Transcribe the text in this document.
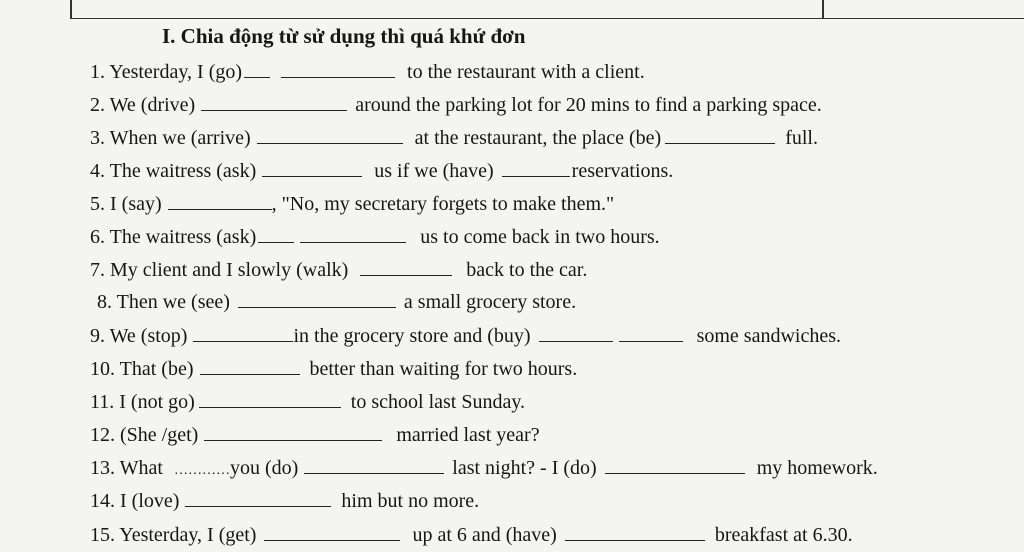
I. Chia động từ sử dụng thì quá khứ đơn
1. Yesterday, I (go)	to the restaurant with a client.
2. We (drive)	around the parking lot for 20 mins to find a parking space.
3. When we (arrive)	at the restaurant, the place (be)	full.
4. The waitress (ask)	us if we (have)	reservations.
5. I (say)	, "No, my secretary forgets to make them."
6. The waitress (ask)	us to come back in two hours.
7. My client and I slowly (walk)	back to the car.
8. Then we (see)	a small grocery store.
9. We (stop)	in the grocery store and (buy)	some sandwiches.
10. That (be)	better than waiting for two hours.
11. I (not go)	to school last Sunday.
12. (She /get)	married last year?
13. What …………you (do)	last night? - I (do)	my homework.
14. I (love)	him but no more.
15. Yesterday, I (get)	up at 6 and (have)	breakfast at 6.30.
